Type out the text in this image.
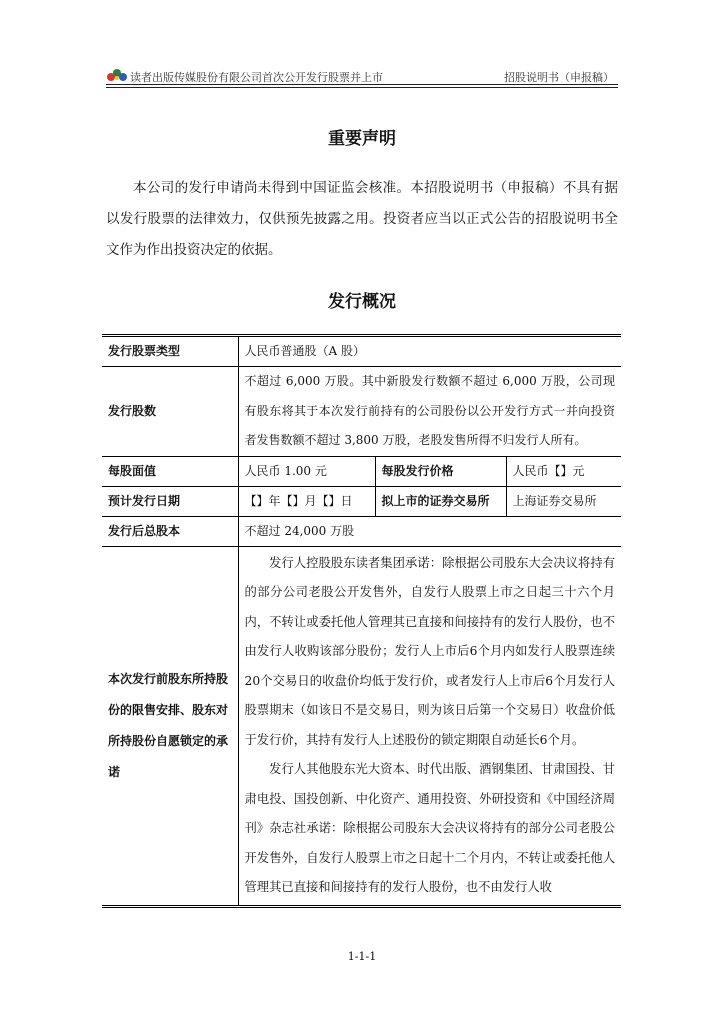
读者出版传媒股份有限公司首次公开发行股票并上市	招股说明书（申报稿）
重要声明
本公司的发行申请尚未得到中国证监会核准。本招股说明书（申报稿）不具有据以发行股票的法律效力，仅供预先披露之用。投资者应当以正式公告的招股说明书全文作为作出投资决定的依据。
发行概况
发行股票类型	人民币普通股（A 股）		
发行股数	不超过 6,000 万股。其中新股发行数额不超过 6,000 万股，公司现有股东将其于本次发行前持有的公司股份以公开发行方式一并向投资者发售数额不超过 3,800 万股，老股发售所得不归发行人所有。		
每股面值	人民币 1.00 元	每股发行价格	人民币【】元
预计发行日期	【】年【】月【】日	拟上市的证券交易所	上海证券交易所
发行后总股本	不超过 24,000 万股		
本次发行前股东所持股份的限售安排、股东对所持股份自愿锁定的承诺	发行人控股股东读者集团承诺：除根据公司股东大会决议将持有的部分公司老股公开发售外，自发行人股票上市之日起三十六个月内，不转让或委托他人管理其已直接和间接持有的发行人股份，也不由发行人收购该部分股份；发行人上市后6个月内如发行人股票连续20个交易日的收盘价均低于发行价，或者发行人上市后6个月发行人股票期末（如该日不是交易日，则为该日后第一个交易日）收盘价低于发行价，其持有发行人上述股份的锁定期限自动延长6个月。

发行人其他股东光大资本、时代出版、酒钢集团、甘肃国投、甘肃电投、国投创新、中化资产、通用投资、外研投资和《中国经济周刊》杂志社承诺：除根据公司股东大会决议将持有的部分公司老股公开发售外，自发行人股票上市之日起十二个月内，不转让或委托他人管理其已直接和间接持有的发行人股份，也不由发行人收		

1-1-1
